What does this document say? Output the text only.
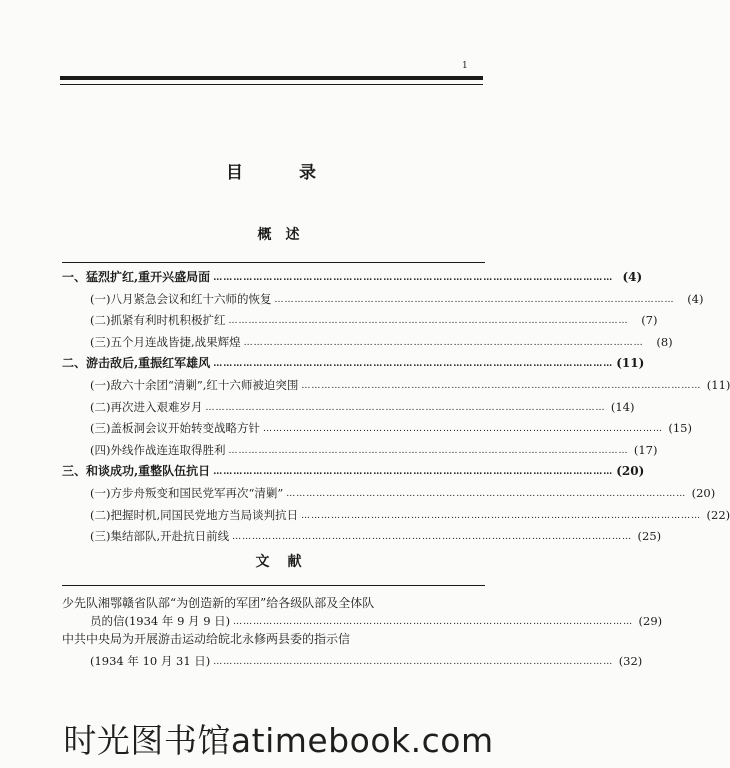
1
目	录
概述
一、猛烈扩红,重开兴盛局面 ………………………………………………………………………………………………………… (4)
(一)八月紧急会议和红十六师的恢复 …………………………………………………………………………………………………………	(4)
(二)抓紧有利时机积极扩红 …………………………………………………………………………………………………………	(7)
(三)五个月连战皆捷,战果辉煌 …………………………………………………………………………………………………………	(8)
二、游击敌后,重振红军雄风 ………………………………………………………………………………………………………… (11)
(一)敌六十余团“清剿”,红十六师被迫突围 ………………………………………………………………………………………………………… (11)
(二)再次进入艰难岁月 ………………………………………………………………………………………………………… (14)
(三)盖板洞会议开始转变战略方针 ………………………………………………………………………………………………………… (15)
(四)外线作战连连取得胜利 ………………………………………………………………………………………………………… (17)
三、和谈成功,重整队伍抗日 ………………………………………………………………………………………………………… (20)
(一)方步舟叛变和国民党军再次“清剿” ………………………………………………………………………………………………………… (20)
(二)把握时机,同国民党地方当局谈判抗日 ………………………………………………………………………………………………………… (22)
(三)集结部队,开赴抗日前线 ………………………………………………………………………………………………………… (25)
文献
少先队湘鄂赣省队部“为创造新的军团”给各级队部及全体队
员的信(1934 年 9 月 9 日) ………………………………………………………………………………………………………… (29)
中共中央局为开展游击运动给皖北永修两县委的指示信
(1934 年 10 月 31 日) ………………………………………………………………………………………………………… (32)
时光图书馆atimebook.com
